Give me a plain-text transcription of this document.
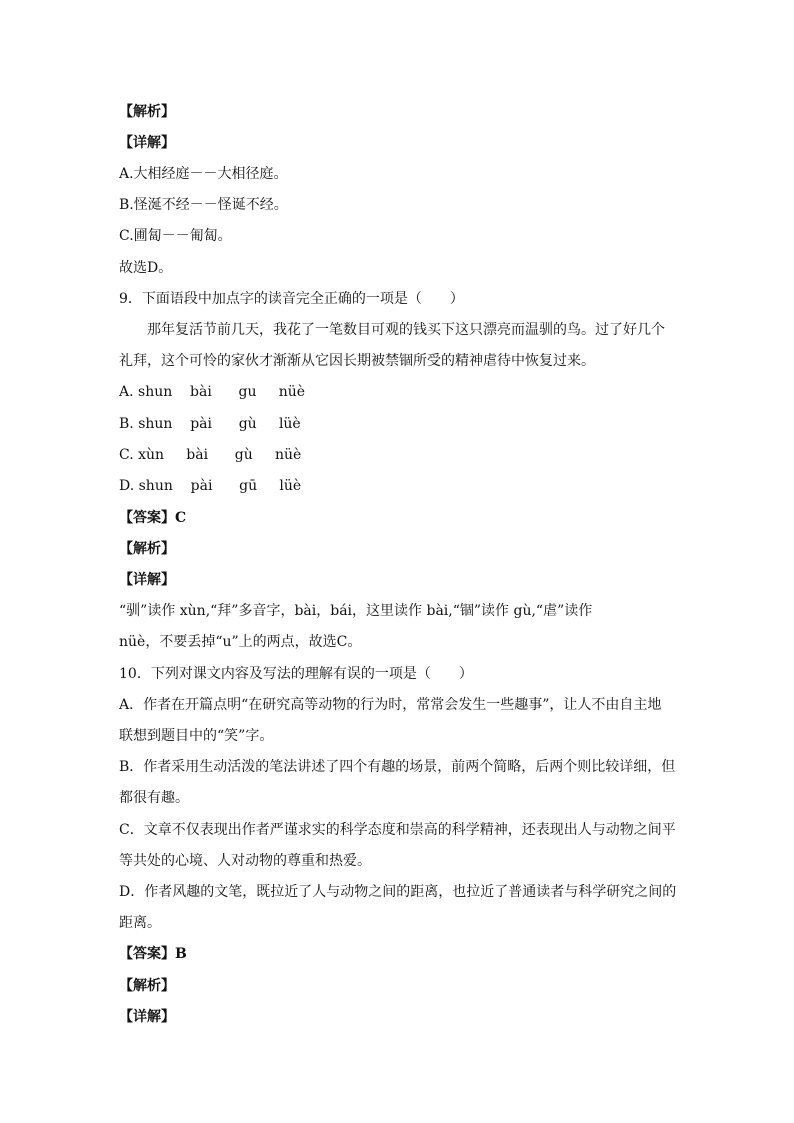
【解析】
【详解】
A.大相经庭－－大相径庭。
B.怪涎不经－－怪诞不经。
C.圃匐－－匍匐。
故选D。
9．下面语段中加点字的读音完全正确的一项是（　　）
那年复活节前几天，我花了一笔数目可观的钱买下这只漂亮而温驯的鸟。过了好几个
礼拜，这个可怜的家伙才渐渐从它因长期被禁锢所受的精神虐待中恢复过来。
A. shun    bài      gu     nüè
B. shun    pài      gù     lüè
C. xùn     bài      gù     nüè
D. shun    pài      gū     lüè
【答案】C
【解析】
【详解】
“驯”读作 xùn,“拜”多音字，bài，bái，这里读作 bài,“锢”读作 gù,“虐”读作
nüè，不要丢掉“u”上的两点，故选C。
10．下列对课文内容及写法的理解有误的一项是（　　）
A．作者在开篇点明“在研究高等动物的行为时，常常会发生一些趣事”，让人不由自主地
联想到题目中的“笑”字。
B．作者采用生动活泼的笔法讲述了四个有趣的场景，前两个简略，后两个则比较详细，但
都很有趣。
C．文章不仅表现出作者严谨求实的科学态度和崇高的科学精神，还表现出人与动物之间平
等共处的心境、人对动物的尊重和热爱。
D．作者风趣的文笔，既拉近了人与动物之间的距离，也拉近了普通读者与科学研究之间的
距离。
【答案】B
【解析】
【详解】
